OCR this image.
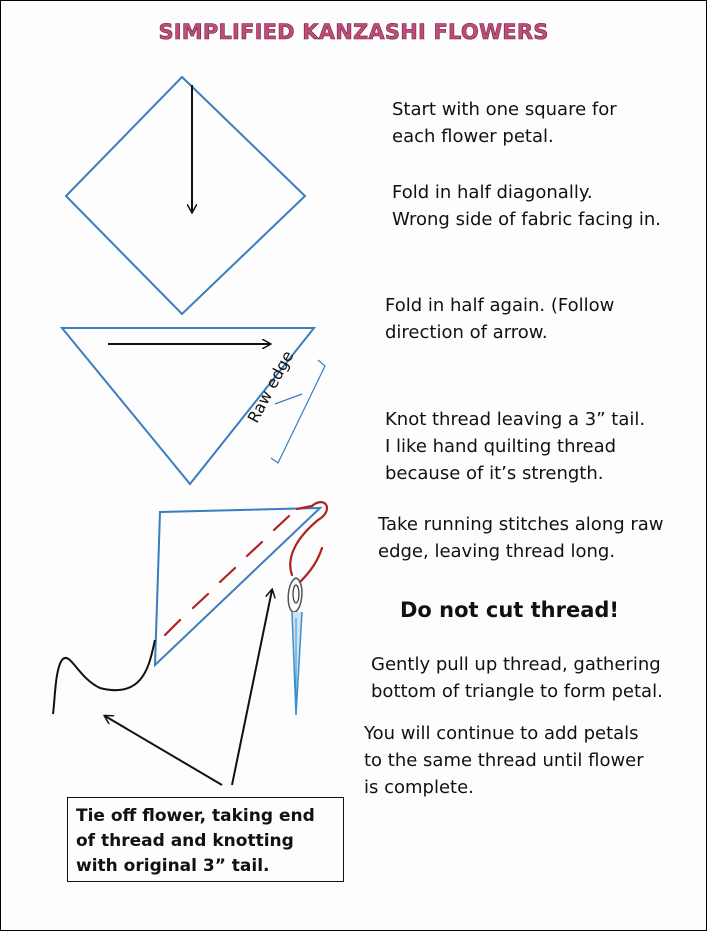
SIMPLIFIED KANZASHI FLOWERS
Raw edge
Start with one square for
each flower petal.
Fold in half diagonally.
Wrong side of fabric facing in.
Fold in half again. (Follow
direction of arrow.
Knot thread leaving a 3” tail.
I like hand quilting thread
because of it’s strength.
Take running stitches along raw
edge, leaving thread long.
Do not cut thread!
Gently pull up thread, gathering
bottom of triangle to form petal.
You will continue to add petals
to the same thread until flower
is complete.
Tie off flower, taking end
of thread and knotting
with original 3” tail.
